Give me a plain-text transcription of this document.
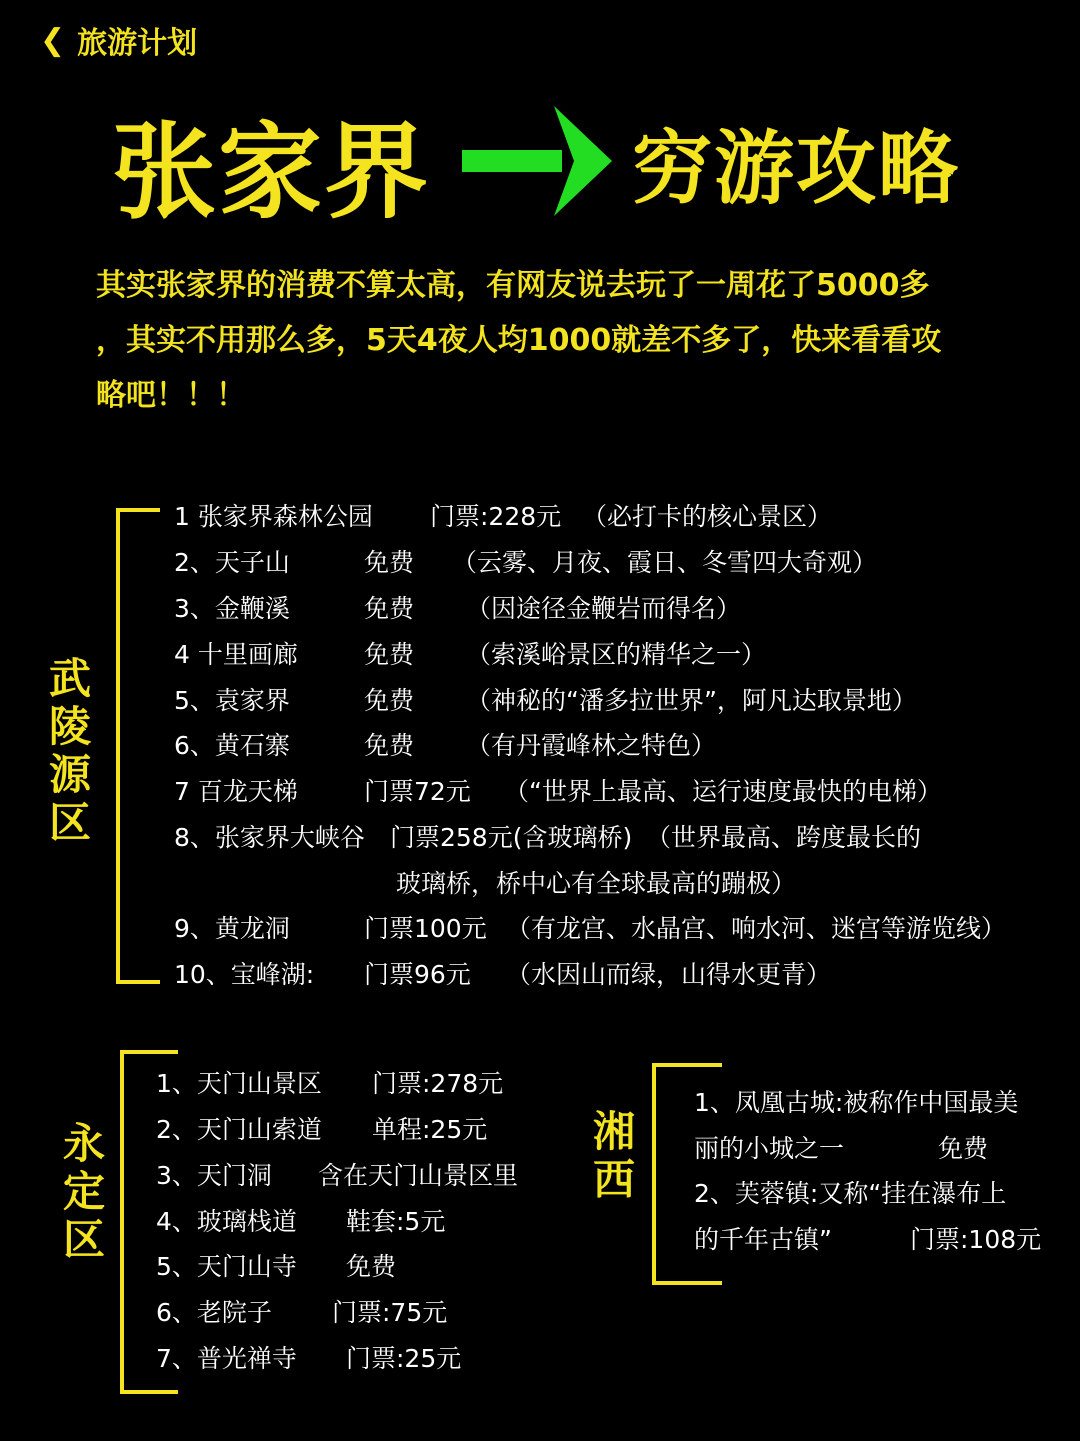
❮ 旅游计划
张家界	穷游攻略
其实张家界的消费不算太高，有网友说去玩了一周花了5000多
，其实不用那么多，5天4夜人均1000就差不多了，快来看看攻
略吧！！！
武
陵
源
区
1 张家界森林公园 门票:228元 （必打卡的核心景区）
2、天子山	免费 （云雾、月夜、霞日、冬雪四大奇观）
3、金鞭溪	免费 （因途径金鞭岩而得名）
4 十里画廊	免费 （索溪峪景区的精华之一）
5、袁家界	免费 （神秘的“潘多拉世界”，阿凡达取景地）
6、黄石寨	免费 （有丹霞峰林之特色）
7 百龙天梯	门票72元 （“世界上最高、运行速度最快的电梯）
8、张家界大峡谷 门票258元(含玻璃桥) （世界最高、跨度最长的
玻璃桥，桥中心有全球最高的蹦极）
9、黄龙洞	门票100元 （有龙宫、水晶宫、响水河、迷宫等游览线）
10、宝峰湖: 门票96元 （水因山而绿，山得水更青）
永
定
区
1、天门山景区 门票:278元
2、天门山索道 单程:25元
3、天门洞 含在天门山景区里
4、玻璃栈道 鞋套:5元
5、天门山寺 免费
6、老院子 门票:75元
7、普光禅寺 门票:25元
湘
西
1、凤凰古城:被称作中国最美
丽的小城之一	免费
2、芙蓉镇:又称“挂在瀑布上
的千年古镇”	门票:108元
